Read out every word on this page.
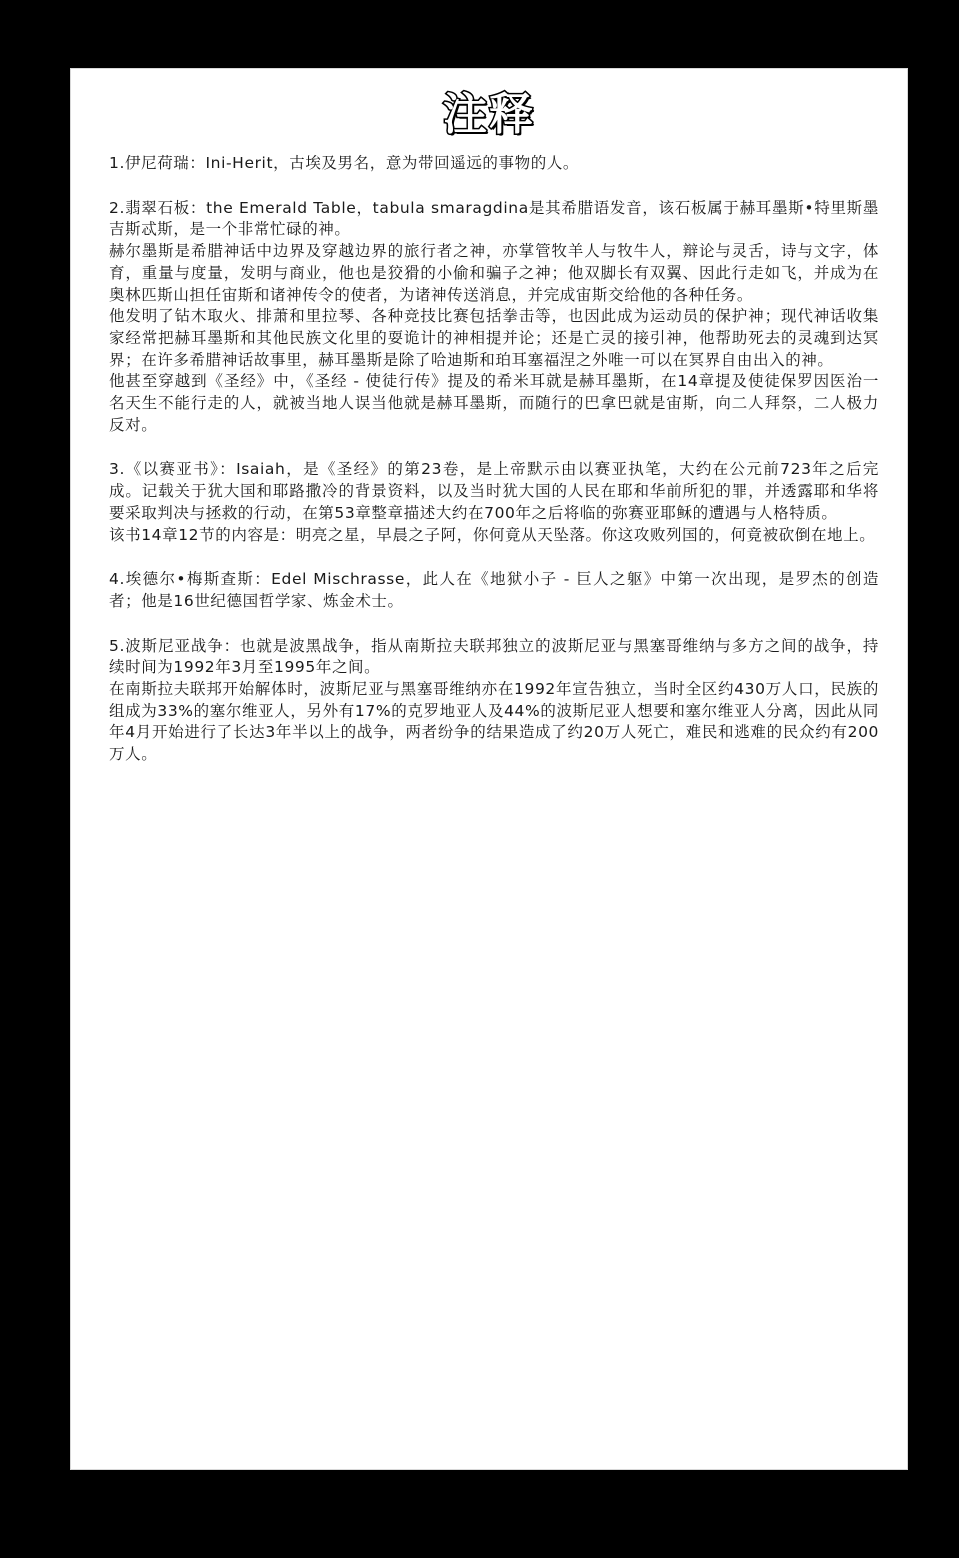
注释

1.伊尼荷瑞：Ini-Herit，古埃及男名，意为带回遥远的事物的人。

2.翡翠石板：the Emerald Table，tabula smaragdina是其希腊语发音，该石板属于赫耳墨斯•特里斯墨吉斯忒斯，是一个非常忙碌的神。

赫尔墨斯是希腊神话中边界及穿越边界的旅行者之神，亦掌管牧羊人与牧牛人，辩论与灵舌，诗与文字，体育，重量与度量，发明与商业，他也是狡猾的小偷和骗子之神；他双脚长有双翼、因此行走如飞，并成为在奥林匹斯山担任宙斯和诸神传令的使者，为诸神传送消息，并完成宙斯交给他的各种任务。

他发明了钻木取火、排萧和里拉琴、各种竞技比赛包括拳击等，也因此成为运动员的保护神；现代神话收集家经常把赫耳墨斯和其他民族文化里的耍诡计的神相提并论；还是亡灵的接引神，他帮助死去的灵魂到达冥界；在许多希腊神话故事里，赫耳墨斯是除了哈迪斯和珀耳塞福涅之外唯一可以在冥界自由出入的神。

他甚至穿越到《圣经》中，《圣经 - 使徒行传》提及的希米耳就是赫耳墨斯，在14章提及使徒保罗因医治一名天生不能行走的人，就被当地人误当他就是赫耳墨斯，而随行的巴拿巴就是宙斯，向二人拜祭，二人极力反对。

3.《以赛亚书》：Isaiah，是《圣经》的第23卷，是上帝默示由以赛亚执笔，大约在公元前723年之后完成。记载关于犹大国和耶路撒冷的背景资料，以及当时犹大国的人民在耶和华前所犯的罪，并透露耶和华将要采取判决与拯救的行动，在第53章整章描述大约在700年之后将临的弥赛亚耶稣的遭遇与人格特质。

该书14章12节的内容是：明亮之星，早晨之子阿，你何竟从天坠落。你这攻败列国的，何竟被砍倒在地上。

4.埃德尔•梅斯查斯：Edel Mischrasse，此人在《地狱小子 - 巨人之躯》中第一次出现，是罗杰的创造者；他是16世纪德国哲学家、炼金术士。

5.波斯尼亚战争：也就是波黑战争，指从南斯拉夫联邦独立的波斯尼亚与黑塞哥维纳与多方之间的战争，持续时间为1992年3月至1995年之间。

在南斯拉夫联邦开始解体时，波斯尼亚与黑塞哥维纳亦在1992年宣告独立，当时全区约430万人口，民族的组成为33%的塞尔维亚人，另外有17%的克罗地亚人及44%的波斯尼亚人想要和塞尔维亚人分离，因此从同年4月开始进行了长达3年半以上的战争，两者纷争的结果造成了约20万人死亡，难民和逃难的民众约有200万人。
